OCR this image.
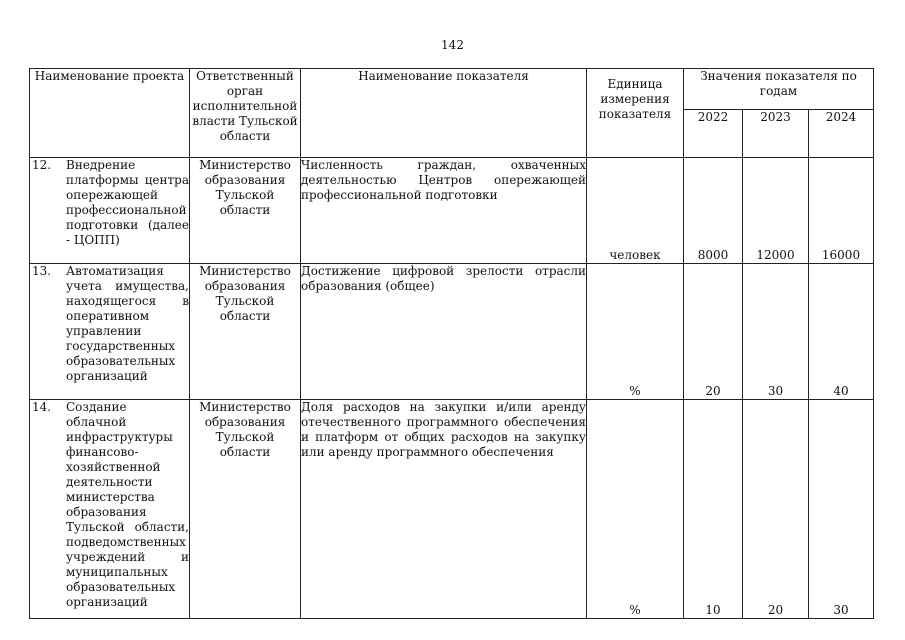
142
Наименование проекта	Ответственный орган исполнительной власти Тульской области	Наименование показателя	Единица измерения показателя	Значения показателя по годам		
				2022	2023	2024

12. Внедрение платформы центра опережающей профессиональной подготовки (далее - ЦОПП)	Министерство образования Тульской области	Численность граждан, охваченных деятельностью Центров опережающей профессиональной подготовки	человек	8000	12000	16000

13. Автоматизация учета имущества, находящегося в оперативном управлении государственных образовательных организаций	Министерство образования Тульской области	Достижение цифровой зрелости отрасли образования (общее)	%	20	30	40

14. Создание облачной инфраструктуры финансово-хозяйственной деятельности министерства образования Тульской области, подведомственных учреждений и муниципальных образовательных организаций	Министерство образования Тульской области	Доля расходов на закупки и/или аренду отечественного программного обеспечения и платформ от общих расходов на закупку или аренду программного обеспечения	%	10	20	30
